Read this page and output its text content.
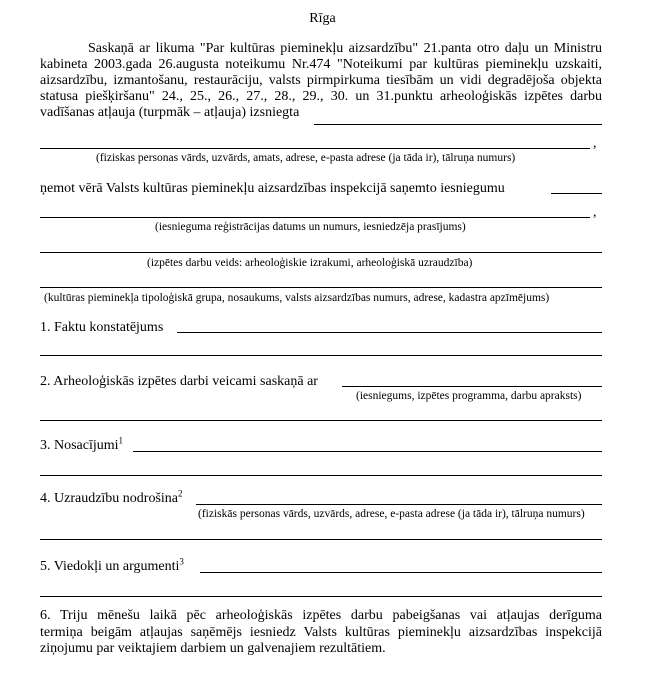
Rīga
Saskaņā ar likuma "Par kultūras pieminekļu aizsardzību" 21.panta otro daļu un Ministru
kabineta 2003.gada 26.augusta noteikumu Nr.474 "Noteikumi par kultūras pieminekļu uzskaiti,
aizsardzību, izmantošanu, restaurāciju, valsts pirmpirkuma tiesībām un vidi degradējoša objekta
statusa piešķiršanu" 24., 25., 26., 27., 28., 29., 30. un 31.punktu arheoloģiskās izpētes darbu
vadīšanas atļauja (turpmāk – atļauja) izsniegta
,
(fiziskas personas vārds, uzvārds, amats, adrese, e-pasta adrese (ja tāda ir), tālruņa numurs)
ņemot vērā Valsts kultūras pieminekļu aizsardzības inspekcijā saņemto iesniegumu
,
(iesnieguma reģistrācijas datums un numurs, iesniedzēja prasījums)
(izpētes darbu veids: arheoloģiskie izrakumi, arheoloģiskā uzraudzība)
(kultūras pieminekļa tipoloģiskā grupa, nosaukums, valsts aizsardzības numurs, adrese, kadastra apzīmējums)
1. Faktu konstatējums
2. Arheoloģiskās izpētes darbi veicami saskaņā ar
(iesniegums, izpētes programma, darbu apraksts)
3. Nosacījumi$^1$
4. Uzraudzību nodrošina$^2$
(fiziskās personas vārds, uzvārds, adrese, e-pasta adrese (ja tāda ir), tālruņa numurs)
5. Viedokļi un argumenti$^3$
6. Triju mēnešu laikā pēc arheoloģiskās izpētes darbu pabeigšanas vai atļaujas derīguma
termiņa beigām atļaujas saņēmējs iesniedz Valsts kultūras pieminekļu aizsardzības inspekcijā
ziņojumu par veiktajiem darbiem un galvenajiem rezultātiem.
